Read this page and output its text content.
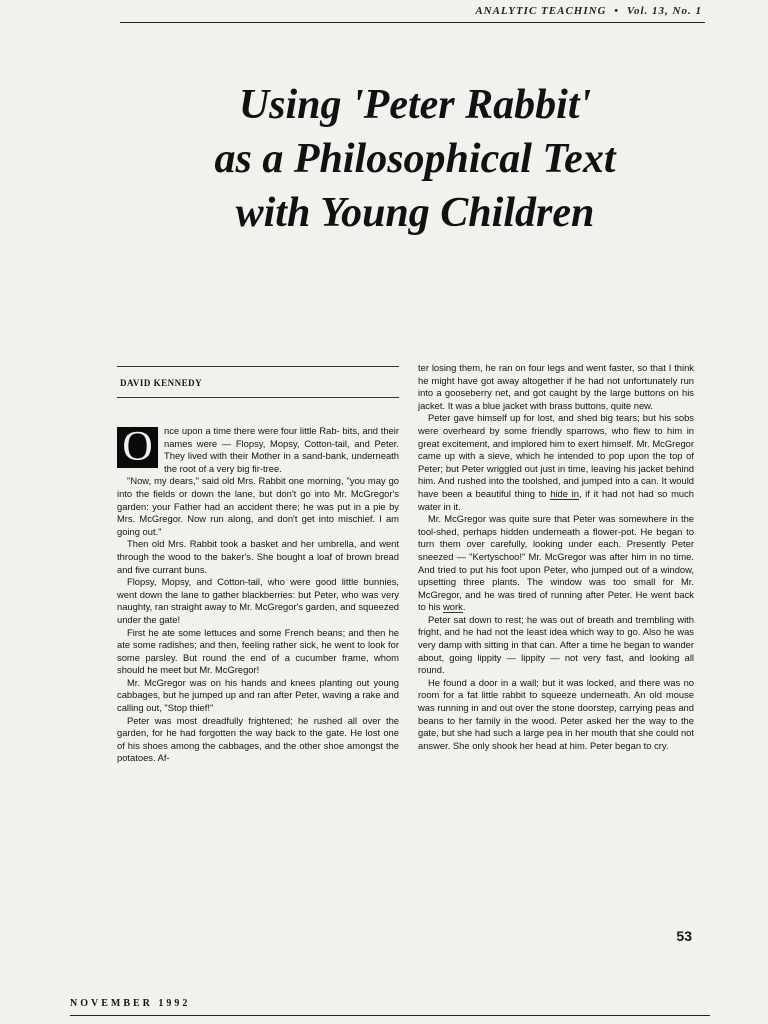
ANALYTIC TEACHING • Vol. 13, No. 1
Using 'Peter Rabbit'
as a Philosophical Text
with Young Children
DAVID KENNEDY

O	nce upon a time there were four little Rab- bits, and their names were — Flopsy, Mopsy, Cotton-tail, and Peter. They lived with their Mother in a sand-bank, underneath the root of a very big fir-tree.

"Now, my dears," said old Mrs. Rabbit one morning, "you may go into the fields or down the lane, but don't go into Mr. McGregor's garden: your Father had an accident there; he was put in a pie by Mrs. McGregor. Now run along, and don't get into mischief. I am going out."

Then old Mrs. Rabbit took a basket and her umbrella, and went through the wood to the baker's. She bought a loaf of brown bread and five currant buns.

Flopsy, Mopsy, and Cotton-tail, who were good little bunnies, went down the lane to gather blackberries: but Peter, who was very naughty, ran straight away to Mr. McGregor's garden, and squeezed under the gate!

First he ate some lettuces and some French beans; and then he ate some radishes; and then, feeling rather sick, he went to look for some parsley. But round the end of a cucumber frame, whom should he meet but Mr. McGregor!

Mr. McGregor was on his hands and knees planting out young cabbages, but he jumped up and ran after Peter, waving a rake and calling out, "Stop thief!"

Peter was most dreadfully frightened; he rushed all over the garden, for he had forgotten the way back to the gate. He lost one of his shoes among the cabbages, and the other shoe amongst the potatoes. Af-

ter losing them, he ran on four legs and went faster, so that I think he might have got away altogether if he had not unfortunately run into a gooseberry net, and got caught by the large buttons on his jacket. It was a blue jacket with brass buttons, quite new.

Peter gave himself up for lost, and shed big tears; but his sobs were overheard by some friendly sparrows, who flew to him in great excitement, and implored him to exert himself. Mr. McGregor came up with a sieve, which he intended to pop upon the top of Peter; but Peter wriggled out just in time, leaving his jacket behind him. And rushed into the toolshed, and jumped into a can. It would have been a beautiful thing to hide in, if it had not had so much water in it.

Mr. McGregor was quite sure that Peter was somewhere in the tool-shed, perhaps hidden underneath a flower-pot. He began to turn them over carefully, looking under each. Presently Peter sneezed — "Kertyschoo!" Mr. McGregor was after him in no time. And tried to put his foot upon Peter, who jumped out of a window, upsetting three plants. The window was too small for Mr. McGregor, and he was tired of running after Peter. He went back to his work.

Peter sat down to rest; he was out of breath and trembling with fright, and he had not the least idea which way to go. Also he was very damp with sitting in that can. After a time he began to wander about, going lippity — lippity — not very fast, and looking all round.

He found a door in a wall; but it was locked, and there was no room for a fat little rabbit to squeeze underneath. An old mouse was running in and out over the stone doorstep, carrying peas and beans to her family in the wood. Peter asked her the way to the gate, but she had such a large pea in her mouth that she could not answer. She only shook her head at him. Peter began to cry.

53
NOVEMBER 1992
